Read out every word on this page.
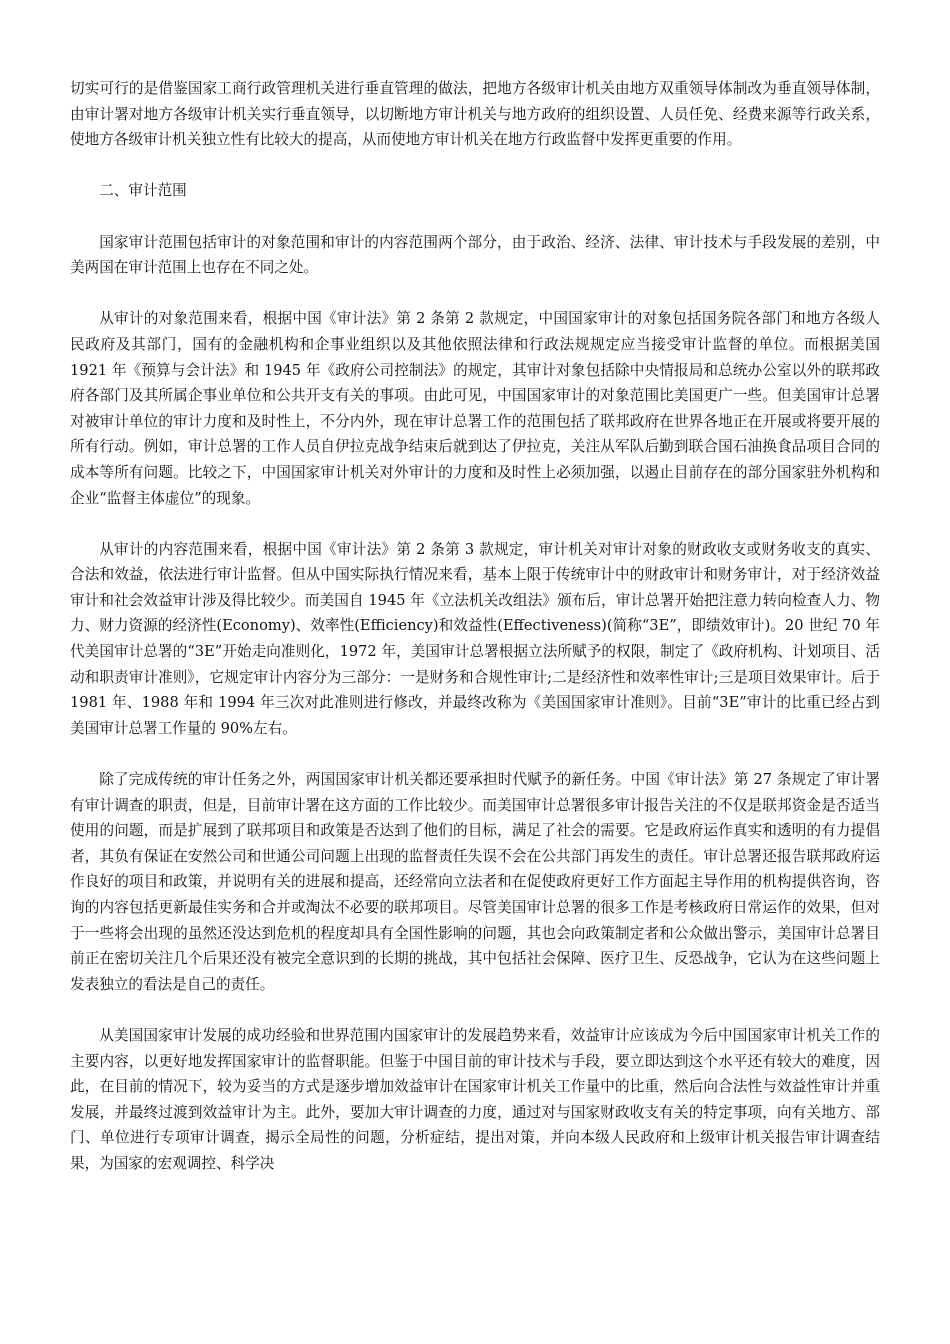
切实可行的是借鉴国家工商行政管理机关进行垂直管理的做法，把地方各级审计机关由地方双重领导体制改为垂直领导体制，由审计署对地方各级审计机关实行垂直领导，以切断地方审计机关与地方政府的组织设置、人员任免、经费来源等行政关系，使地方各级审计机关独立性有比较大的提高，从而使地方审计机关在地方行政监督中发挥更重要的作用。

二、审计范围

国家审计范围包括审计的对象范围和审计的内容范围两个部分，由于政治、经济、法律、审计技术与手段发展的差别，中美两国在审计范围上也存在不同之处。

从审计的对象范围来看，根据中国《审计法》第 2 条第 2 款规定，中国国家审计的对象包括国务院各部门和地方各级人民政府及其部门，国有的金融机构和企事业组织以及其他依照法律和行政法规规定应当接受审计监督的单位。而根据美国 1921 年《预算与会计法》和 1945 年《政府公司控制法》的规定，其审计对象包括除中央情报局和总统办公室以外的联邦政府各部门及其所属企事业单位和公共开支有关的事项。由此可见，中国国家审计的对象范围比美国更广一些。但美国审计总署对被审计单位的审计力度和及时性上，不分内外，现在审计总署工作的范围包括了联邦政府在世界各地正在开展或将要开展的所有行动。例如，审计总署的工作人员自伊拉克战争结束后就到达了伊拉克，关注从军队后勤到联合国石油换食品项目合同的成本等所有问题。比较之下，中国国家审计机关对外审计的力度和及时性上必须加强，以遏止目前存在的部分国家驻外机构和企业“监督主体虚位”的现象。

从审计的内容范围来看，根据中国《审计法》第 2 条第 3 款规定，审计机关对审计对象的财政收支或财务收支的真实、合法和效益，依法进行审计监督。但从中国实际执行情况来看，基本上限于传统审计中的财政审计和财务审计，对于经济效益审计和社会效益审计涉及得比较少。而美国自 1945 年《立法机关改组法》颁布后，审计总署开始把注意力转向检查人力、物力、财力资源的经济性(Economy)、效率性(Efficiency)和效益性(Effectiveness)(简称“3E”，即绩效审计)。20 世纪 70 年代美国审计总署的“3E”开始走向准则化，1972 年，美国审计总署根据立法所赋予的权限，制定了《政府机构、计划项目、活动和职责审计准则》，它规定审计内容分为三部分：一是财务和合规性审计;二是经济性和效率性审计;三是项目效果审计。后于 1981 年、1988 年和 1994 年三次对此准则进行修改，并最终改称为《美国国家审计准则》。目前“3E”审计的比重已经占到美国审计总署工作量的 90%左右。

除了完成传统的审计任务之外，两国国家审计机关都还要承担时代赋予的新任务。中国《审计法》第 27 条规定了审计署有审计调查的职责，但是，目前审计署在这方面的工作比较少。而美国审计总署很多审计报告关注的不仅是联邦资金是否适当使用的问题，而是扩展到了联邦项目和政策是否达到了他们的目标，满足了社会的需要。它是政府运作真实和透明的有力提倡者，其负有保证在安然公司和世通公司问题上出现的监督责任失误不会在公共部门再发生的责任。审计总署还报告联邦政府运作良好的项目和政策，并说明有关的进展和提高，还经常向立法者和在促使政府更好工作方面起主导作用的机构提供咨询，咨询的内容包括更新最佳实务和合并或淘汰不必要的联邦项目。尽管美国审计总署的很多工作是考核政府日常运作的效果，但对于一些将会出现的虽然还没达到危机的程度却具有全国性影响的问题，其也会向政策制定者和公众做出警示，美国审计总署目前正在密切关注几个后果还没有被完全意识到的长期的挑战，其中包括社会保障、医疗卫生、反恐战争，它认为在这些问题上发表独立的看法是自己的责任。

从美国国家审计发展的成功经验和世界范围内国家审计的发展趋势来看，效益审计应该成为今后中国国家审计机关工作的主要内容，以更好地发挥国家审计的监督职能。但鉴于中国目前的审计技术与手段，要立即达到这个水平还有较大的难度，因此，在目前的情况下，较为妥当的方式是逐步增加效益审计在国家审计机关工作量中的比重，然后向合法性与效益性审计并重发展，并最终过渡到效益审计为主。此外，要加大审计调查的力度，通过对与国家财政收支有关的特定事项，向有关地方、部门、单位进行专项审计调查，揭示全局性的问题，分析症结，提出对策，并向本级人民政府和上级审计机关报告审计调查结果，为国家的宏观调控、科学决
